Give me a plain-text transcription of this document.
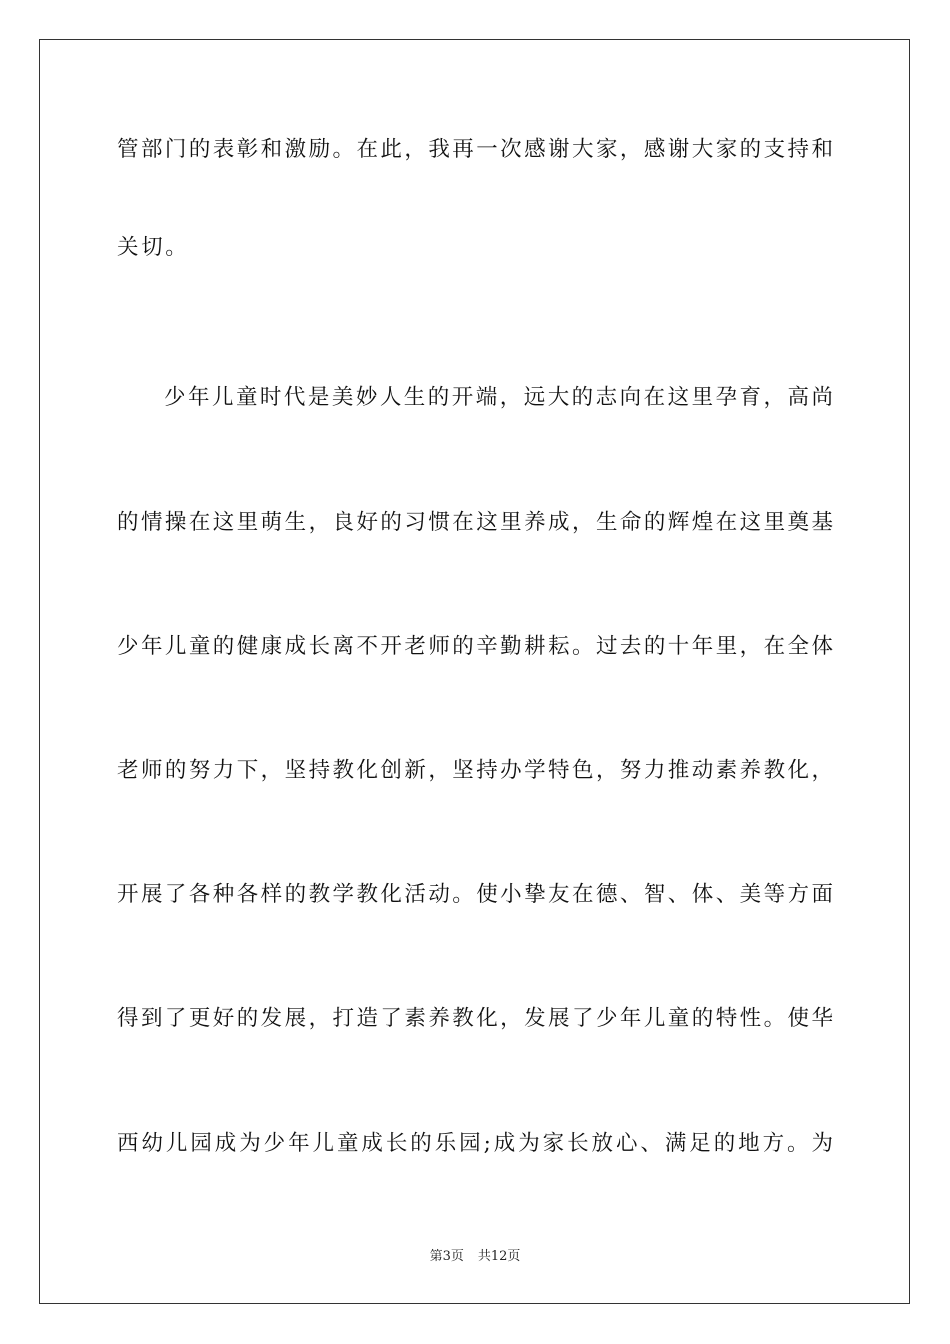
管部门的表彰和激励。在此，我再一次感谢大家，感谢大家的支持和
关切。
少年儿童时代是美妙人生的开端，远大的志向在这里孕育，高尚
的情操在这里萌生，良好的习惯在这里养成，生命的辉煌在这里奠基
少年儿童的健康成长离不开老师的辛勤耕耘。过去的十年里，在全体
老师的努力下，坚持教化创新，坚持办学特色，努力推动素养教化，
开展了各种各样的教学教化活动。使小挚友在德、智、体、美等方面
得到了更好的发展，打造了素养教化，发展了少年儿童的特性。使华
西幼儿园成为少年儿童成长的乐园;成为家长放心、满足的地方。为
第3页 共12页
